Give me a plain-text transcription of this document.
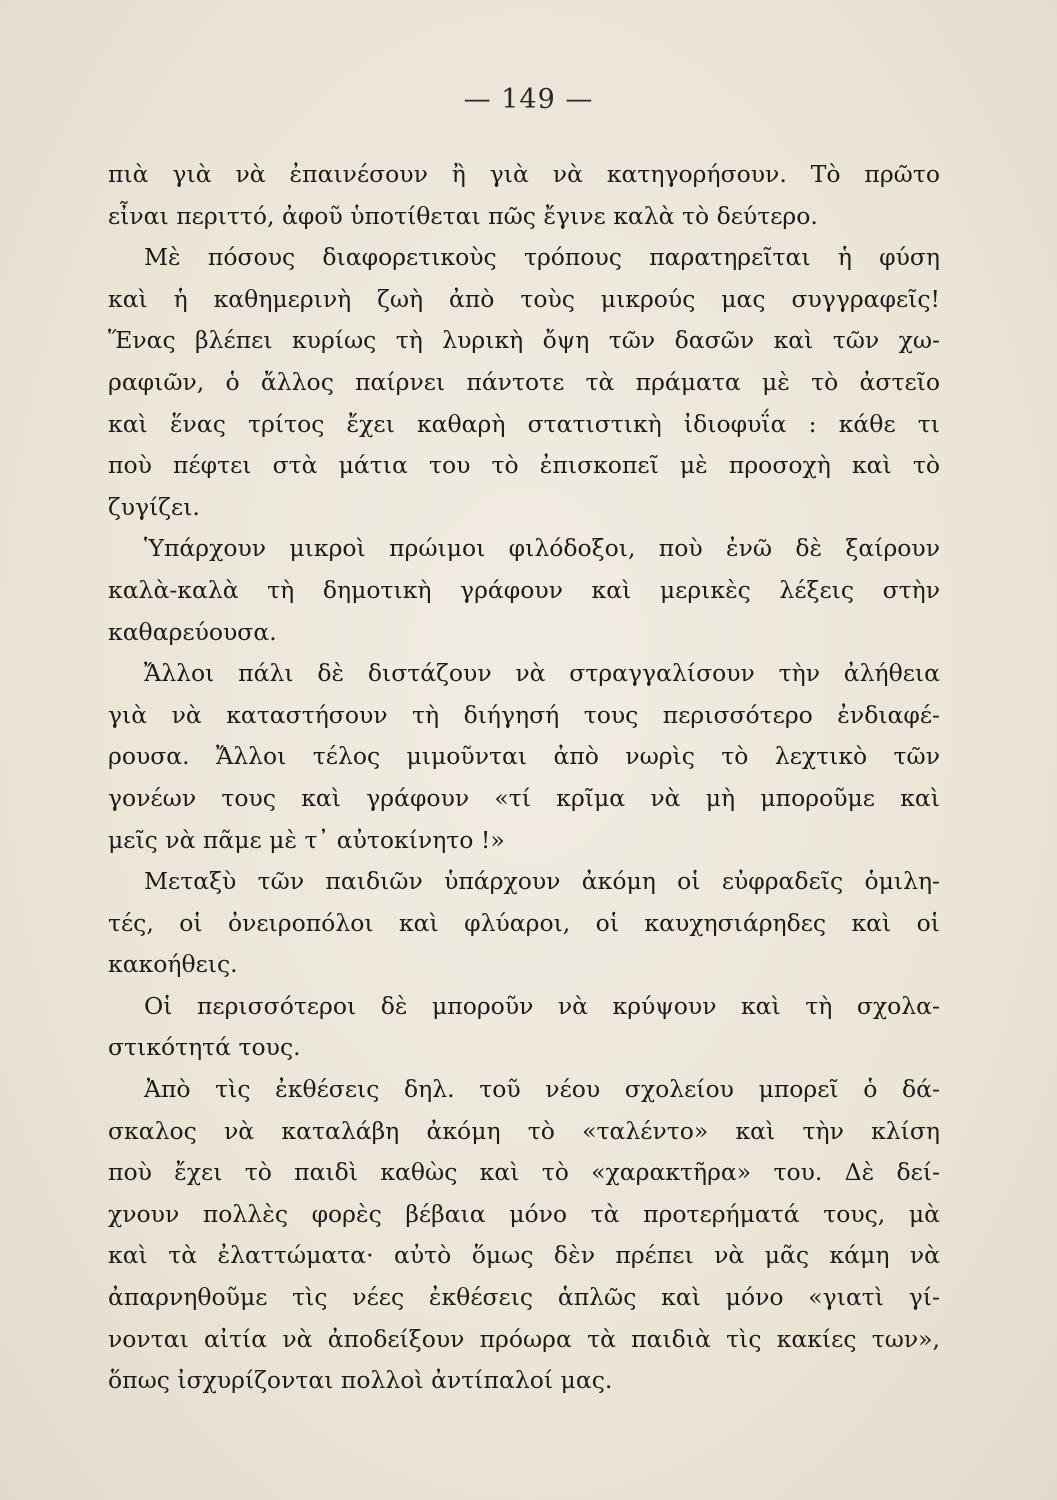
— 149 —
πιὰ γιὰ νὰ ἐπαινέσουν ἢ γιὰ νὰ κατηγορήσουν. Τὸ πρῶτο
εἶναι περιττό, ἀφοῦ ὑποτίθεται πῶς ἔγινε καλὰ τὸ δεύτερο.
Μὲ πόσους διαφορετικοὺς τρόπους παρατηρεῖται ἡ φύση
καὶ ἡ καθημερινὴ ζωὴ ἀπὸ τοὺς μικρούς μας συγγραφεῖς!
Ἕνας βλέπει κυρίως τὴ λυρικὴ ὄψη τῶν δασῶν καὶ τῶν χω-
ραφιῶν, ὁ ἄλλος παίρνει πάντοτε τὰ πράματα μὲ τὸ ἀστεῖο
καὶ ἕνας τρίτος ἔχει καθαρὴ στατιστικὴ ἰδιοφυΐα : κάθε τι
ποὺ πέφτει στὰ μάτια του τὸ ἐπισκοπεῖ μὲ προσοχὴ καὶ τὸ
ζυγίζει.
Ὑπάρχουν μικροὶ πρώιμοι φιλόδοξοι, ποὺ ἐνῶ δὲ ξαίρουν
καλὰ-καλὰ τὴ δημοτικὴ γράφουν καὶ μερικὲς λέξεις στὴν
καθαρεύουσα.
Ἄλλοι πάλι δὲ διστάζουν νὰ στραγγαλίσουν τὴν ἀλήθεια
γιὰ νὰ καταστήσουν τὴ διήγησή τους περισσότερο ἐνδιαφέ-
ρουσα. Ἄλλοι τέλος μιμοῦνται ἀπὸ νωρὶς τὸ λεχτικὸ τῶν
γονέων τους καὶ γράφουν «τί κρῖμα νὰ μὴ μποροῦμε καὶ
μεῖς νὰ πᾶμε μὲ τ᾽ αὐτοκίνητο !»
Μεταξὺ τῶν παιδιῶν ὑπάρχουν ἀκόμη οἱ εὐφραδεῖς ὁμιλη-
τές, οἱ ὀνειροπόλοι καὶ φλύαροι, οἱ καυχησιάρηδες καὶ οἱ
κακοήθεις.
Οἱ περισσότεροι δὲ μποροῦν νὰ κρύψουν καὶ τὴ σχολα-
στικότητά τους.
Ἀπὸ τὶς ἐκθέσεις δηλ. τοῦ νέου σχολείου μπορεῖ ὁ δά-
σκαλος νὰ καταλάβη ἀκόμη τὸ «ταλέντο» καὶ τὴν κλίση
ποὺ ἔχει τὸ παιδὶ καθὼς καὶ τὸ «χαρακτῆρα» του. Δὲ δεί-
χνουν πολλὲς φορὲς βέβαια μόνο τὰ προτερήματά τους, μὰ
καὶ τὰ ἐλαττώματα· αὐτὸ ὅμως δὲν πρέπει νὰ μᾶς κάμη νὰ
ἀπαρνηθοῦμε τὶς νέες ἐκθέσεις ἁπλῶς καὶ μόνο «γιατὶ γί-
νονται αἰτία νὰ ἀποδείξουν πρόωρα τὰ παιδιὰ τὶς κακίες των»,
ὅπως ἰσχυρίζονται πολλοὶ ἀντίπαλοί μας.
